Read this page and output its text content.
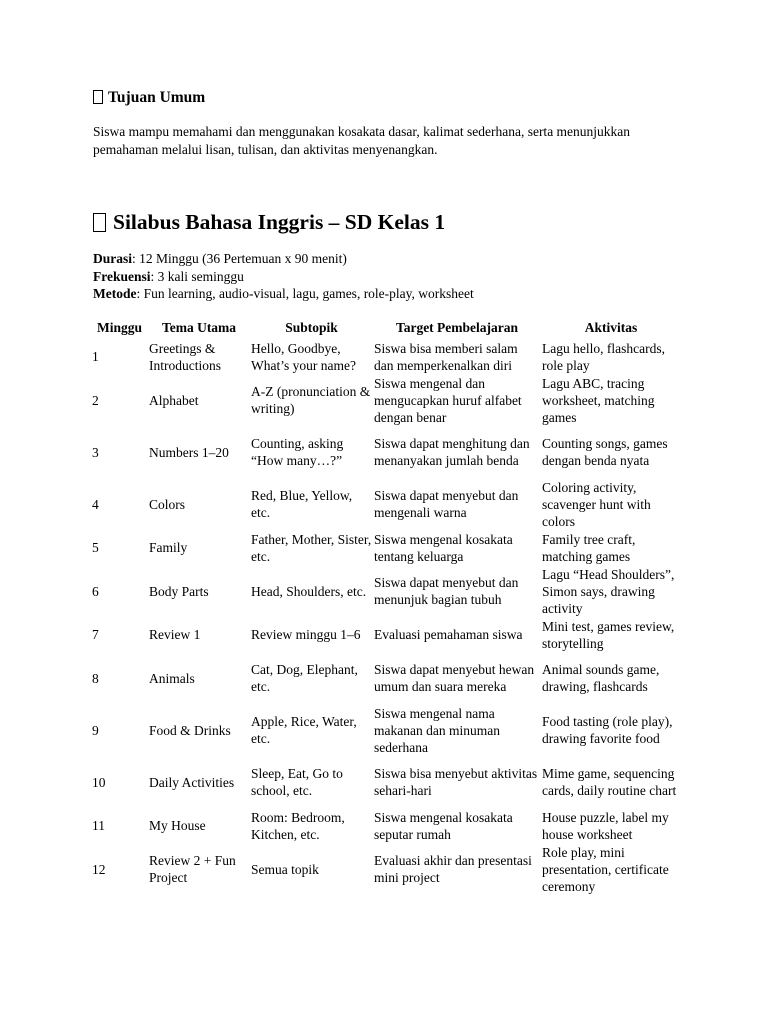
Tujuan Umum
Siswa mampu memahami dan menggunakan kosakata dasar, kalimat sederhana, serta menunjukkan pemahaman melalui lisan, tulisan, dan aktivitas menyenangkan.
Silabus Bahasa Inggris – SD Kelas 1
Durasi: 12 Minggu (36 Pertemuan x 90 menit)
Frekuensi: 3 kali seminggu
Metode: Fun learning, audio-visual, lagu, games, role-play, worksheet
Minggu	Tema Utama	Subtopik	Target Pembelajaran	Aktivitas
1	Greetings & Introductions	Hello, Goodbye, What’s your name?	Siswa bisa memberi salam dan memperkenalkan diri	Lagu hello, flashcards, role play
2	Alphabet	A-Z (pronunciation & writing)	Siswa mengenal dan mengucapkan huruf alfabet dengan benar	Lagu ABC, tracing worksheet, matching games
3	Numbers 1–20	Counting, asking “How many…?”	Siswa dapat menghitung dan menanyakan jumlah benda	Counting songs, games dengan benda nyata
4	Colors	Red, Blue, Yellow, etc.	Siswa dapat menyebut dan mengenali warna	Coloring activity, scavenger hunt with colors
5	Family	Father, Mother, Sister, etc.	Siswa mengenal kosakata tentang keluarga	Family tree craft, matching games
6	Body Parts	Head, Shoulders, etc.	Siswa dapat menyebut dan menunjuk bagian tubuh	Lagu “Head Shoulders”, Simon says, drawing activity
7	Review 1	Review minggu 1–6	Evaluasi pemahaman siswa	Mini test, games review, storytelling
8	Animals	Cat, Dog, Elephant, etc.	Siswa dapat menyebut hewan umum dan suara mereka	Animal sounds game, drawing, flashcards
9	Food & Drinks	Apple, Rice, Water, etc.	Siswa mengenal nama makanan dan minuman sederhana	Food tasting (role play), drawing favorite food
10	Daily Activities	Sleep, Eat, Go to school, etc.	Siswa bisa menyebut aktivitas sehari-hari	Mime game, sequencing cards, daily routine chart
11	My House	Room: Bedroom, Kitchen, etc.	Siswa mengenal kosakata seputar rumah	House puzzle, label my house worksheet
12	Review 2 + Fun Project	Semua topik	Evaluasi akhir dan presentasi mini project	Role play, mini presentation, certificate ceremony
